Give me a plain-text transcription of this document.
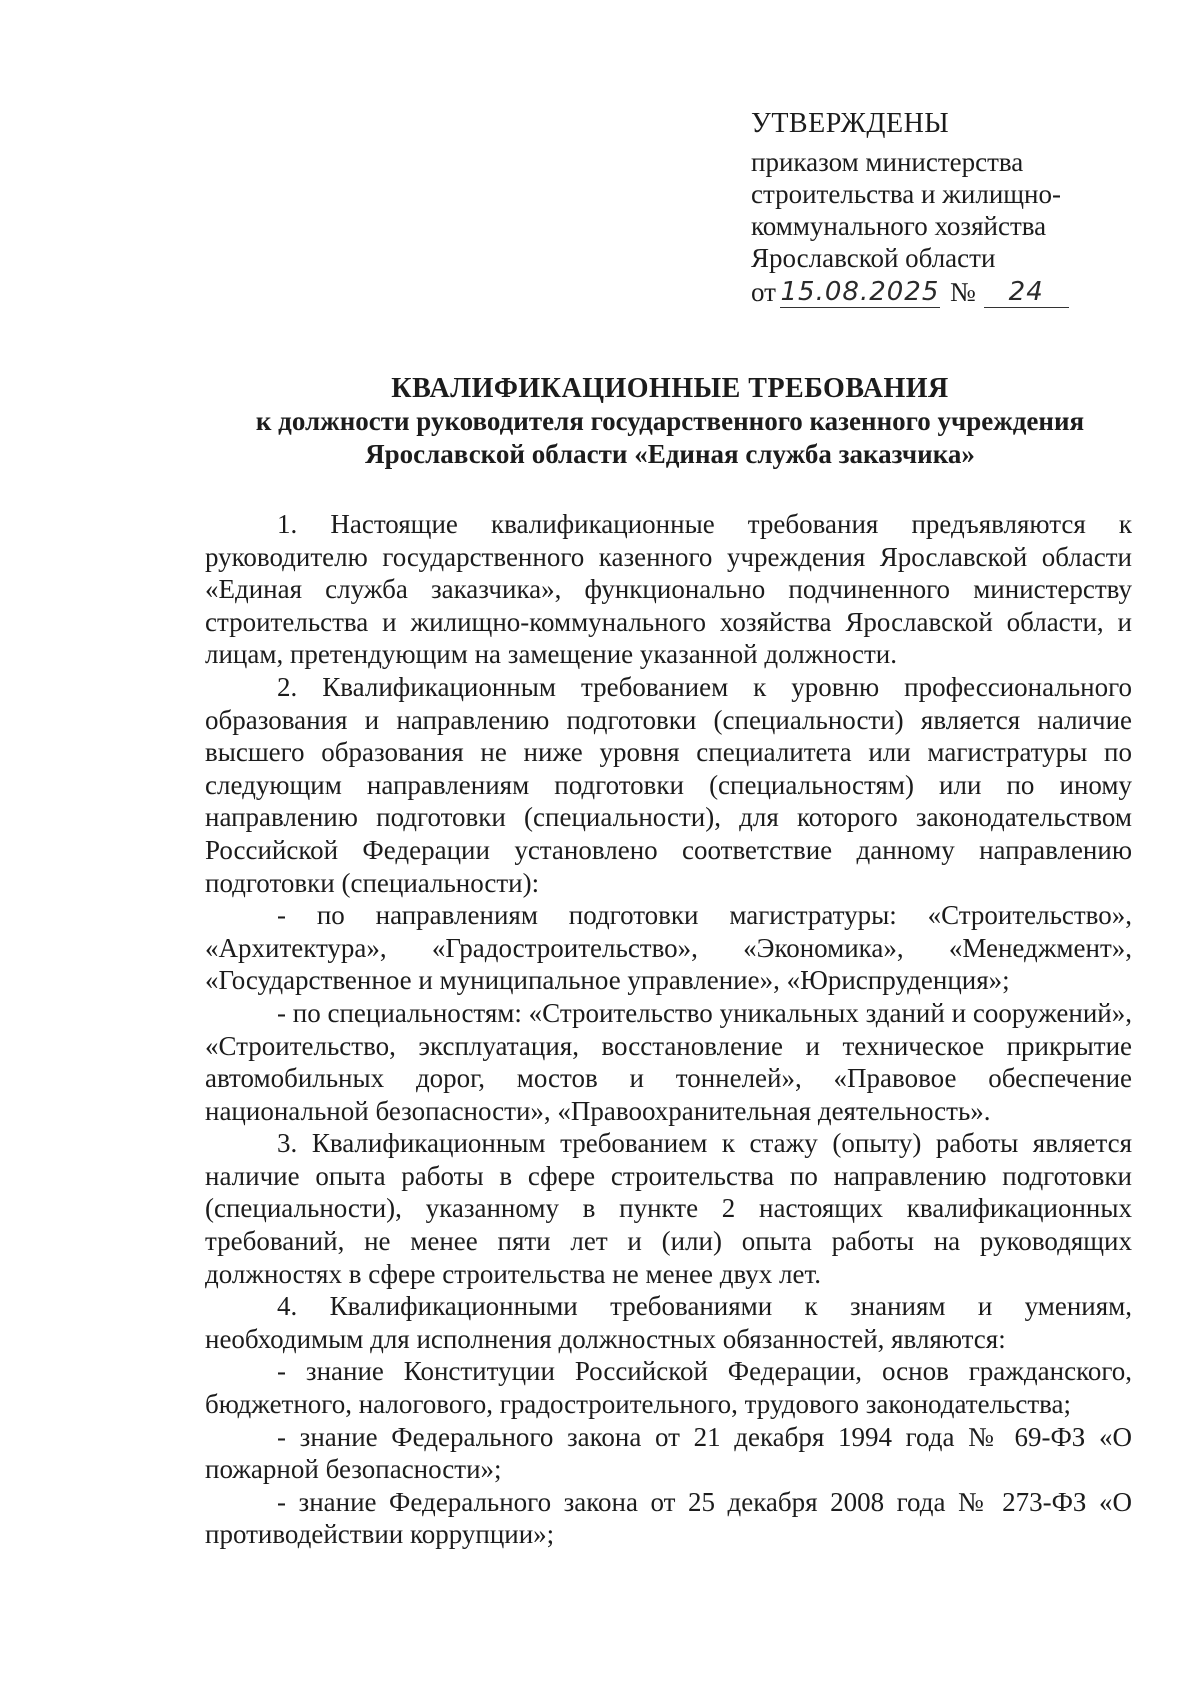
УТВЕРЖДЕНЫ
приказом министерства
строительства и жилищно-
коммунального хозяйства
Ярославской области
от 15.08.2025 №	24
КВАЛИФИКАЦИОННЫЕ ТРЕБОВАНИЯ
к должности руководителя государственного казенного учреждения
Ярославской области «Единая служба заказчика»

1. Настоящие квалификационные требования предъявляются к руководителю государственного казенного учреждения Ярославской области «Единая служба заказчика», функционально подчиненного министерству строительства и жилищно-коммунального хозяйства Ярославской области, и лицам, претендующим на замещение указанной должности.

2. Квалификационным требованием к уровню профессионального образования и направлению подготовки (специальности) является наличие высшего образования не ниже уровня специалитета или магистратуры по следующим направлениям подготовки (специальностям) или по иному направлению подготовки (специальности), для которого законодательством Российской Федерации установлено соответствие данному направлению подготовки (специальности):

- по направлениям подготовки магистратуры: «Строительство», «Архитектура», «Градостроительство», «Экономика», «Менеджмент», «Государственное и муниципальное управление», «Юриспруденция»;

- по специальностям: «Строительство уникальных зданий и сооружений», «Строительство, эксплуатация, восстановление и техническое прикрытие автомобильных дорог, мостов и тоннелей», «Правовое обеспечение национальной безопасности», «Правоохранительная деятельность».

3. Квалификационным требованием к стажу (опыту) работы является наличие опыта работы в сфере строительства по направлению подготовки (специальности), указанному в пункте 2 настоящих квалификационных требований, не менее пяти лет и (или) опыта работы на руководящих должностях в сфере строительства не менее двух лет.

4. Квалификационными требованиями к знаниям и умениям, необходимым для исполнения должностных обязанностей, являются:

- знание Конституции Российской Федерации, основ гражданского, бюджетного, налогового, градостроительного, трудового законодательства;

- знание Федерального закона от 21 декабря 1994 года № 69-ФЗ «О пожарной безопасности»;

- знание Федерального закона от 25 декабря 2008 года № 273-ФЗ «О противодействии коррупции»;
